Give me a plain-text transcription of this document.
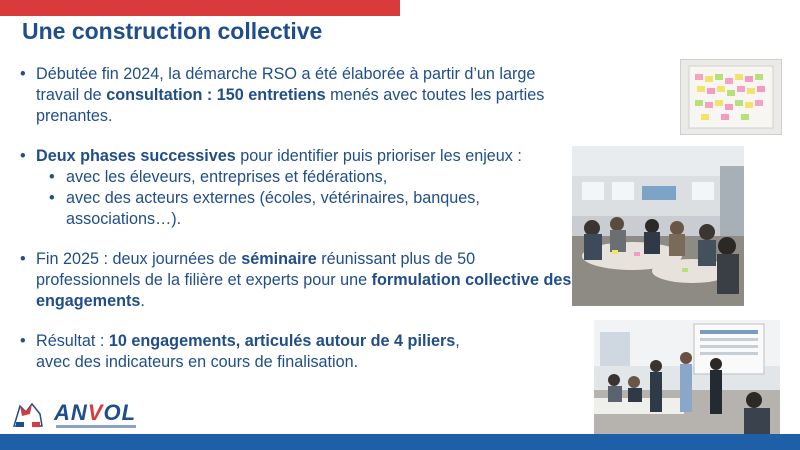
Une construction collective
• Débutée fin 2024, la démarche RSO a été élaborée à partir d’un large travail de consultation : 150 entretiens menés avec toutes les parties prenantes.
• Deux phases successives pour identifier puis prioriser les enjeux :
• avec les éleveurs, entreprises et fédérations,
• avec des acteurs externes (écoles, vétérinaires, banques, associations…).
• Fin 2025 : deux journées de séminaire réunissant plus de 50 professionnels de la filière et experts pour une formulation collective des engagements.
• Résultat : 10 engagements, articulés autour de 4 piliers,
avec des indicateurs en cours de finalisation.
ANVOL
